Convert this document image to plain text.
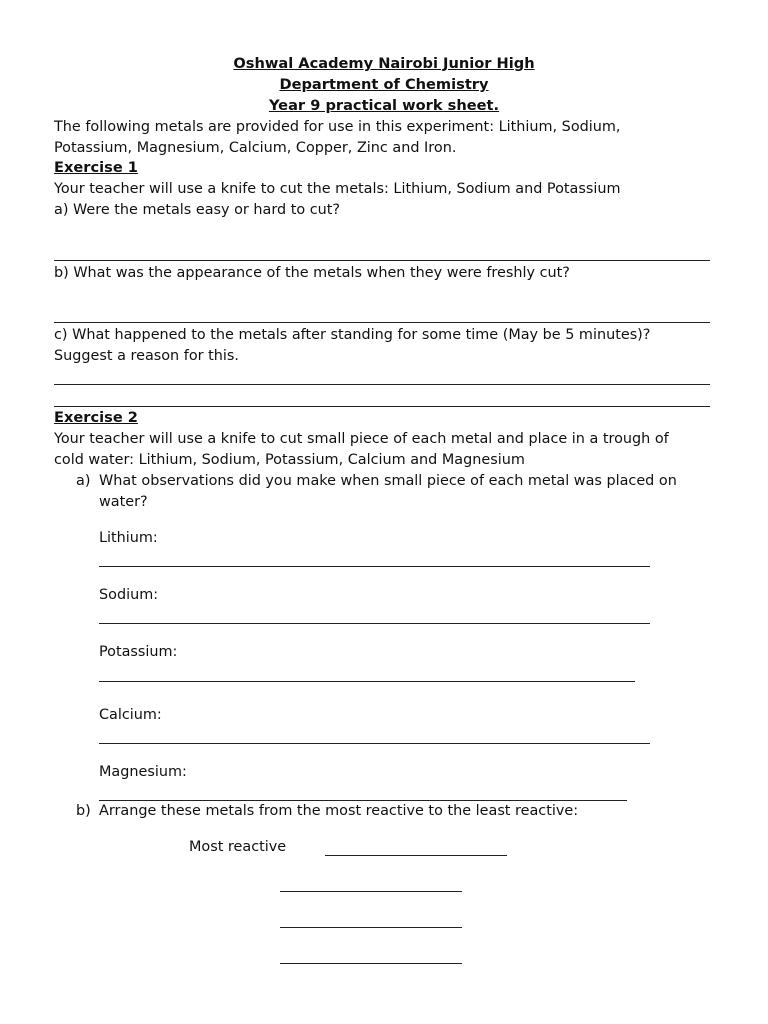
Oshwal Academy Nairobi Junior High
Department of Chemistry
Year 9 practical work sheet.
The following metals are provided for use in this experiment: Lithium, Sodium,
Potassium, Magnesium, Calcium, Copper, Zinc and Iron.
Exercise 1
Your teacher will use a knife to cut the metals: Lithium, Sodium and Potassium
a) Were the metals easy or hard to cut?
b) What was the appearance of the metals when they were freshly cut?
c) What happened to the metals after standing for some time (May be 5 minutes)?
Suggest a reason for this.
Exercise 2
Your teacher will use a knife to cut small piece of each metal and place in a trough of
cold water: Lithium, Sodium, Potassium, Calcium and Magnesium
a) What observations did you make when small piece of each metal was placed on
water?
Lithium:
Sodium:
Potassium:
Calcium:
Magnesium:
b) Arrange these metals from the most reactive to the least reactive:
Most reactive
